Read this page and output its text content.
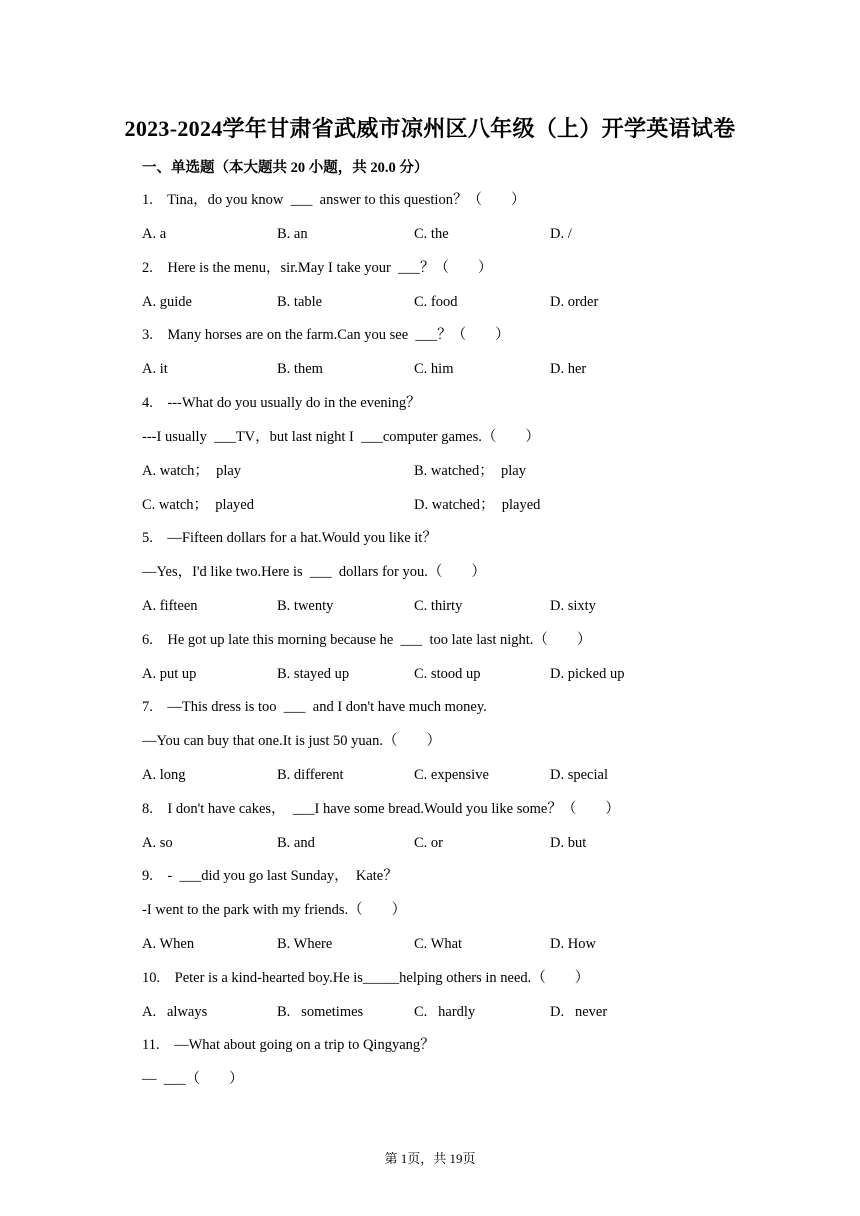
2023-2024学年甘肃省武威市凉州区八年级（上）开学英语试卷
一、单选题（本大题共 20 小题，共 20.0 分）
1.    Tina，do you know  ___  answer to this question？（        ）
A. a	B. an	C. the	D. /
2.    Here is the menu，sir.May I take your  ___？（        ）
A. guide	B. table	C. food	D. order
3.    Many horses are on the farm.Can you see  ___？（        ）
A. it	B. them	C. him	D. her
4.    ---What do you usually do in the evening？
---I usually  ___TV，but last night I  ___computer games.（        ）
A. watch；  play	B. watched；  play
C. watch；  played	D. watched；  played
5.    —Fifteen dollars for a hat.Would you like it？
—Yes，I'd like two.Here is  ___  dollars for you.（        ）
A. fifteen	B. twenty	C. thirty	D. sixty
6.    He got up late this morning because he  ___  too late last night.（        ）
A. put up	B. stayed up	C. stood up	D. picked up
7.    —This dress is too  ___  and I don't have much money.
—You can buy that one.It is just 50 yuan.（        ）
A. long	B. different	C. expensive	D. special
8.    I don't have cakes，  ___I have some bread.Would you like some？（        ）
A. so	B. and	C. or	D. but
9.    -  ___did you go last Sunday，  Kate？
-I went to the park with my friends.（        ）
A. When	B. Where	C. What	D. How
10.    Peter is a kind-hearted boy.He is_____helping others in need.（        ）
A.   always	B.   sometimes	C.   hardly	D.   never
11.    —What about going on a trip to Qingyang？
—  ___（        ）
第 1页，共 19页
